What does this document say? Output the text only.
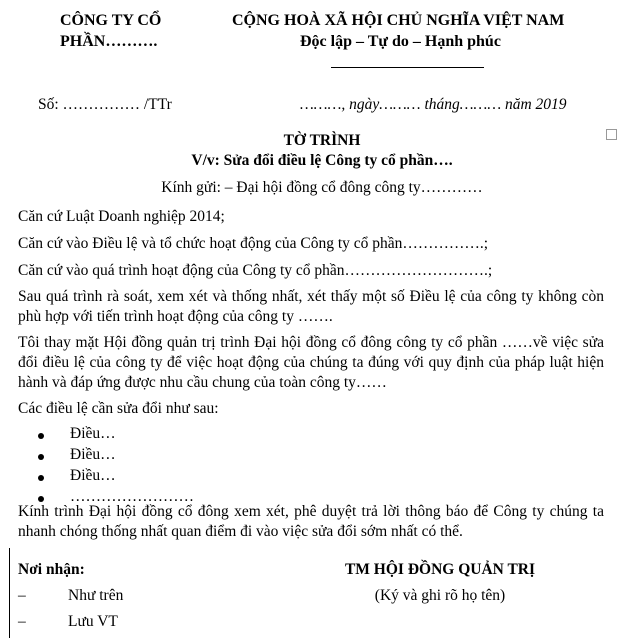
CÔNG TY CỔ
PHẦN……….
CỘNG HOÀ XÃ HỘI CHỦ NGHĨA VIỆT NAM
Độc lập – Tự do – Hạnh phúc
Số: …………… /TTr	………, ngày……… tháng……… năm 2019
TỜ TRÌNH
V/v: Sửa đổi điều lệ Công ty cổ phần….
Kính gửi: – Đại hội đồng cổ đông công ty…………
Căn cứ Luật Doanh nghiệp 2014;
Căn cứ vào Điều lệ và tổ chức hoạt động của Công ty cổ phần…………….;
Căn cứ vào quá trình hoạt động của Công ty cổ phần……………………….;
Sau quá trình rà soát, xem xét và thống nhất, xét thấy một số Điều lệ của công ty không còn phù hợp với tiến trình hoạt động của công ty …….
Tôi thay mặt Hội đồng quản trị trình Đại hội đồng cổ đông công ty cổ phần ……về việc sửa đổi điều lệ của công ty để việc hoạt động của chúng ta đúng với quy định của pháp luật hiện hành và đáp ứng được nhu cầu chung của toàn công ty……
Các điều lệ cần sửa đổi như sau:
Điều…
Điều…
Điều…
……………………
Kính trình Đại hội đồng cổ đông xem xét, phê duyệt trả lời thông báo để Công ty chúng ta nhanh chóng thống nhất quan điểm đi vào việc sửa đổi sớm nhất có thể.
Nơi nhận:
–	Như trên
–	Lưu VT
TM HỘI ĐỒNG QUẢN TRỊ
(Ký và ghi rõ họ tên)
